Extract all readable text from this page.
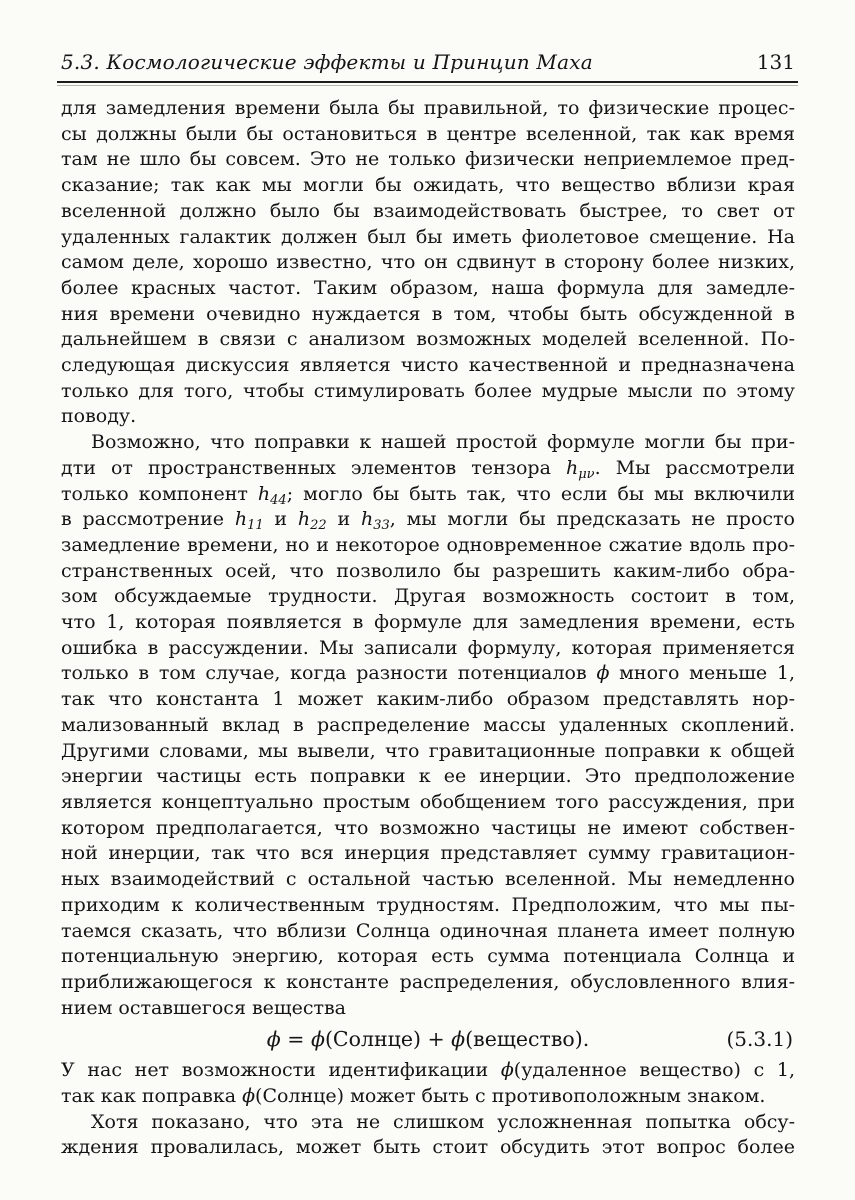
5.3. Космологические эффекты и Принцип Маха	131
для замедления времени была бы правильной, то физические процес-
сы должны были бы остановиться в центре вселенной, так как время
там не шло бы совсем. Это не только физически неприемлемое пред-
сказание; так как мы могли бы ожидать, что вещество вблизи края
вселенной должно было бы взаимодействовать быстрее, то свет от
удаленных галактик должен был бы иметь фиолетовое смещение. На
самом деле, хорошо известно, что он сдвинут в сторону более низких,
более красных частот. Таким образом, наша формула для замедле-
ния времени очевидно нуждается в том, чтобы быть обсужденной в
дальнейшем в связи с анализом возможных моделей вселенной. По-
следующая дискуссия является чисто качественной и предназначена
только для того, чтобы стимулировать более мудрые мысли по этому
поводу.
Возможно, что поправки к нашей простой формуле могли бы при-
дти от пространственных элементов тензора $h_{\mu\nu}$. Мы рассмотрели
только компонент $h_{44}$; могло бы быть так, что если бы мы включили
в рассмотрение $h_{11}$ и $h_{22}$ и $h_{33}$, мы могли бы предсказать не просто
замедление времени, но и некоторое одновременное сжатие вдоль про-
странственных осей, что позволило бы разрешить каким-либо обра-
зом обсуждаемые трудности. Другая возможность состоит в том,
что 1, которая появляется в формуле для замедления времени, есть
ошибка в рассуждении. Мы записали формулу, которая применяется
только в том случае, когда разности потенциалов ϕ много меньше 1,
так что константа 1 может каким-либо образом представлять нор-
мализованный вклад в распределение массы удаленных скоплений.
Другими словами, мы вывели, что гравитационные поправки к общей
энергии частицы есть поправки к ее инерции. Это предположение
является концептуально простым обобщением того рассуждения, при
котором предполагается, что возможно частицы не имеют собствен-
ной инерции, так что вся инерция представляет сумму гравитацион-
ных взаимодействий с остальной частью вселенной. Мы немедленно
приходим к количественным трудностям. Предположим, что мы пы-
таемся сказать, что вблизи Солнца одиночная планета имеет полную
потенциальную энергию, которая есть сумма потенциала Солнца и
приближающегося к константе распределения, обусловленного влия-
нием оставшегося вещества
ϕ = ϕ(Солнце) + ϕ(вещество).	(5.3.1)
У нас нет возможности идентификации ϕ(удаленное вещество) с 1,
так как поправка ϕ(Солнце) может быть с противоположным знаком.
Хотя показано, что эта не слишком усложненная попытка обсу-
ждения провалилась, может быть стоит обсудить этот вопрос более
